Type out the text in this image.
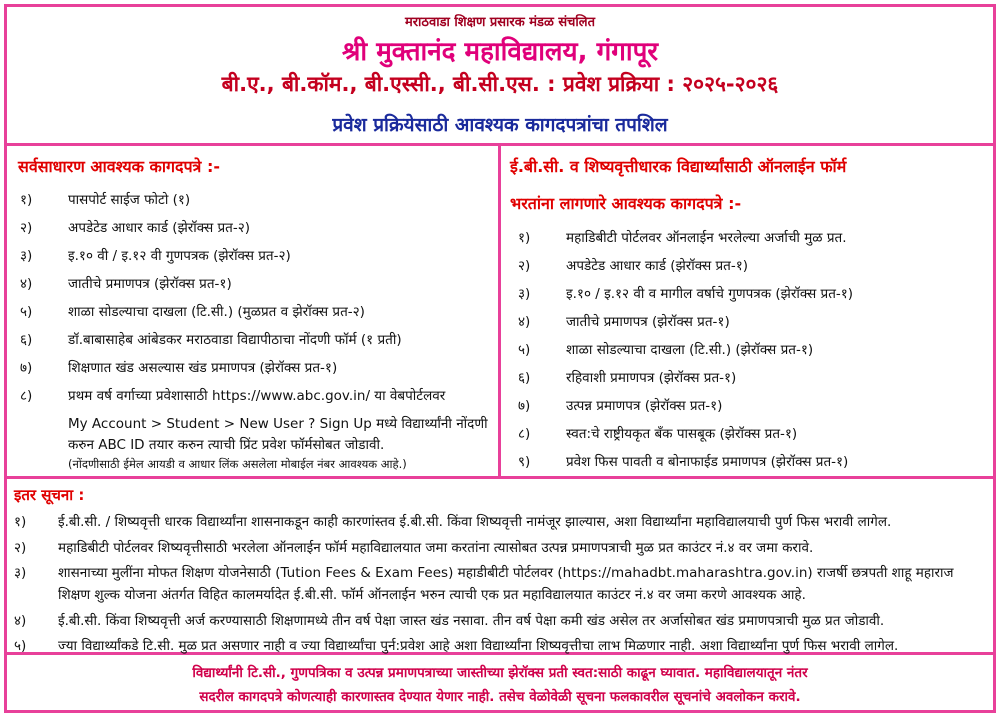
मराठवाडा शिक्षण प्रसारक मंडळ संचलित
श्री मुक्तानंद महाविद्यालय, गंगापूर
बी.ए., बी.कॉम., बी.एस्सी., बी.सी.एस. : प्रवेश प्रक्रिया : २०२५-२०२६
प्रवेश प्रक्रियेसाठी आवश्यक कागदपत्रांचा तपशिल
सर्वसाधारण आवश्यक कागदपत्रे :-
१)	पासपोर्ट साईज फोटो (१)
२)	अपडेटेड आधार कार्ड (झेरॉक्स प्रत-२)
३)	इ.१० वी / इ.१२ वी गुणपत्रक (झेरॉक्स प्रत-२)
४)	जातीचे प्रमाणपत्र (झेरॉक्स प्रत-१)
५)	शाळा सोडल्याचा दाखला (टि.सी.) (मुळप्रत व झेरॉक्स प्रत-२)
६)	डॉ.बाबासाहेब आंबेडकर मराठवाडा विद्यापीठाचा नोंदणी फॉर्म (१ प्रती)
७)	शिक्षणात खंड असल्यास खंड प्रमाणपत्र (झेरॉक्स प्रत-१)
८)	प्रथम वर्ष वर्गाच्या प्रवेशासाठी https://www.abc.gov.in/ या वेबपोर्टलवर
My Account > Student > New User ? Sign Up मध्ये विद्यार्थ्यांनी नोंदणी
करुन ABC ID तयार करुन त्याची प्रिंट प्रवेश फॉर्मसोबत जोडावी.
(नोंदणीसाठी ईमेल आयडी व आधार लिंक असलेला मोबाईल नंबर आवश्यक आहे.)
ई.बी.सी. व शिष्यवृत्तीधारक विद्यार्थ्यांसाठी ऑनलाईन फॉर्म
भरतांना लागणारे आवश्यक कागदपत्रे :-
१)	महाडिबीटी पोर्टलवर ऑनलाईन भरलेल्या अर्जाची मुळ प्रत.
२)	अपडेटेड आधार कार्ड (झेरॉक्स प्रत-१)
३)	इ.१० / इ.१२ वी व मागील वर्षाचे गुणपत्रक (झेरॉक्स प्रत-१)
४)	जातीचे प्रमाणपत्र (झेरॉक्स प्रत-१)
५)	शाळा सोडल्याचा दाखला (टि.सी.) (झेरॉक्स प्रत-१)
६)	रहिवाशी प्रमाणपत्र (झेरॉक्स प्रत-१)
७)	उत्पन्न प्रमाणपत्र (झेरॉक्स प्रत-१)
८)	स्वत:चे राष्ट्रीयकृत बँक पासबूक (झेरॉक्स प्रत-१)
९)	प्रवेश फिस पावती व बोनाफाईड प्रमाणपत्र (झेरॉक्स प्रत-१)
इतर सूचना :
१) ई.बी.सी. / शिष्यवृत्ती धारक विद्यार्थ्यांना शासनाकडून काही कारणांस्तव ई.बी.सी. किंवा शिष्यवृत्ती नामंजूर झाल्यास, अशा विद्यार्थ्यांना महाविद्यालयाची पुर्ण फिस भरावी लागेल.
२) महाडिबीटी पोर्टलवर शिष्यवृत्तीसाठी भरलेला ऑनलाईन फॉर्म महाविद्यालयात जमा करतांना त्यासोबत उत्पन्न प्रमाणपत्राची मुळ प्रत काउंटर नं.४ वर जमा करावे.
३) शासनाच्या मुलींना मोफत शिक्षण योजनेसाठी (Tution Fees & Exam Fees) महाडीबीटी पोर्टलवर (https://mahadbt.maharashtra.gov.in) राजर्षी छत्रपती शाहू महाराज
४) ई.बी.सी. किंवा शिष्यवृत्ती अर्ज करण्यासाठी शिक्षणामध्ये तीन वर्ष पेक्षा जास्त खंड नसावा. तीन वर्ष पेक्षा कमी खंड असेल तर अर्जासोबत खंड प्रमाणपत्राची मुळ प्रत जोडावी.
५) ज्या विद्यार्थ्यांकडे टि.सी. मुळ प्रत असणार नाही व ज्या विद्यार्थ्यांचा पुर्न:प्रवेश आहे अशा विद्यार्थ्यांना शिष्यवृत्तीचा लाभ मिळणार नाही. अशा विद्यार्थ्यांना पुर्ण फिस भरावी लागेल.
शिक्षण शुल्क योजना अंतर्गत विहित कालमर्यादेत ई.बी.सी. फॉर्म ऑनलाईन भरुन त्याची एक प्रत महाविद्यालयात काउंटर नं.४ वर जमा करणे आवश्यक आहे.
विद्यार्थ्यांनी टि.सी., गुणपत्रिका व उत्पन्न प्रमाणपत्राच्या जास्तीच्या झेरॉक्स प्रती स्वत:साठी काढून घ्यावात. महाविद्यालयातून नंतर
सदरील कागदपत्रे कोणत्याही कारणास्तव देण्यात येणार नाही. तसेच वेळोवेळी सूचना फलकावरील सूचनांचे अवलोकन करावे.
